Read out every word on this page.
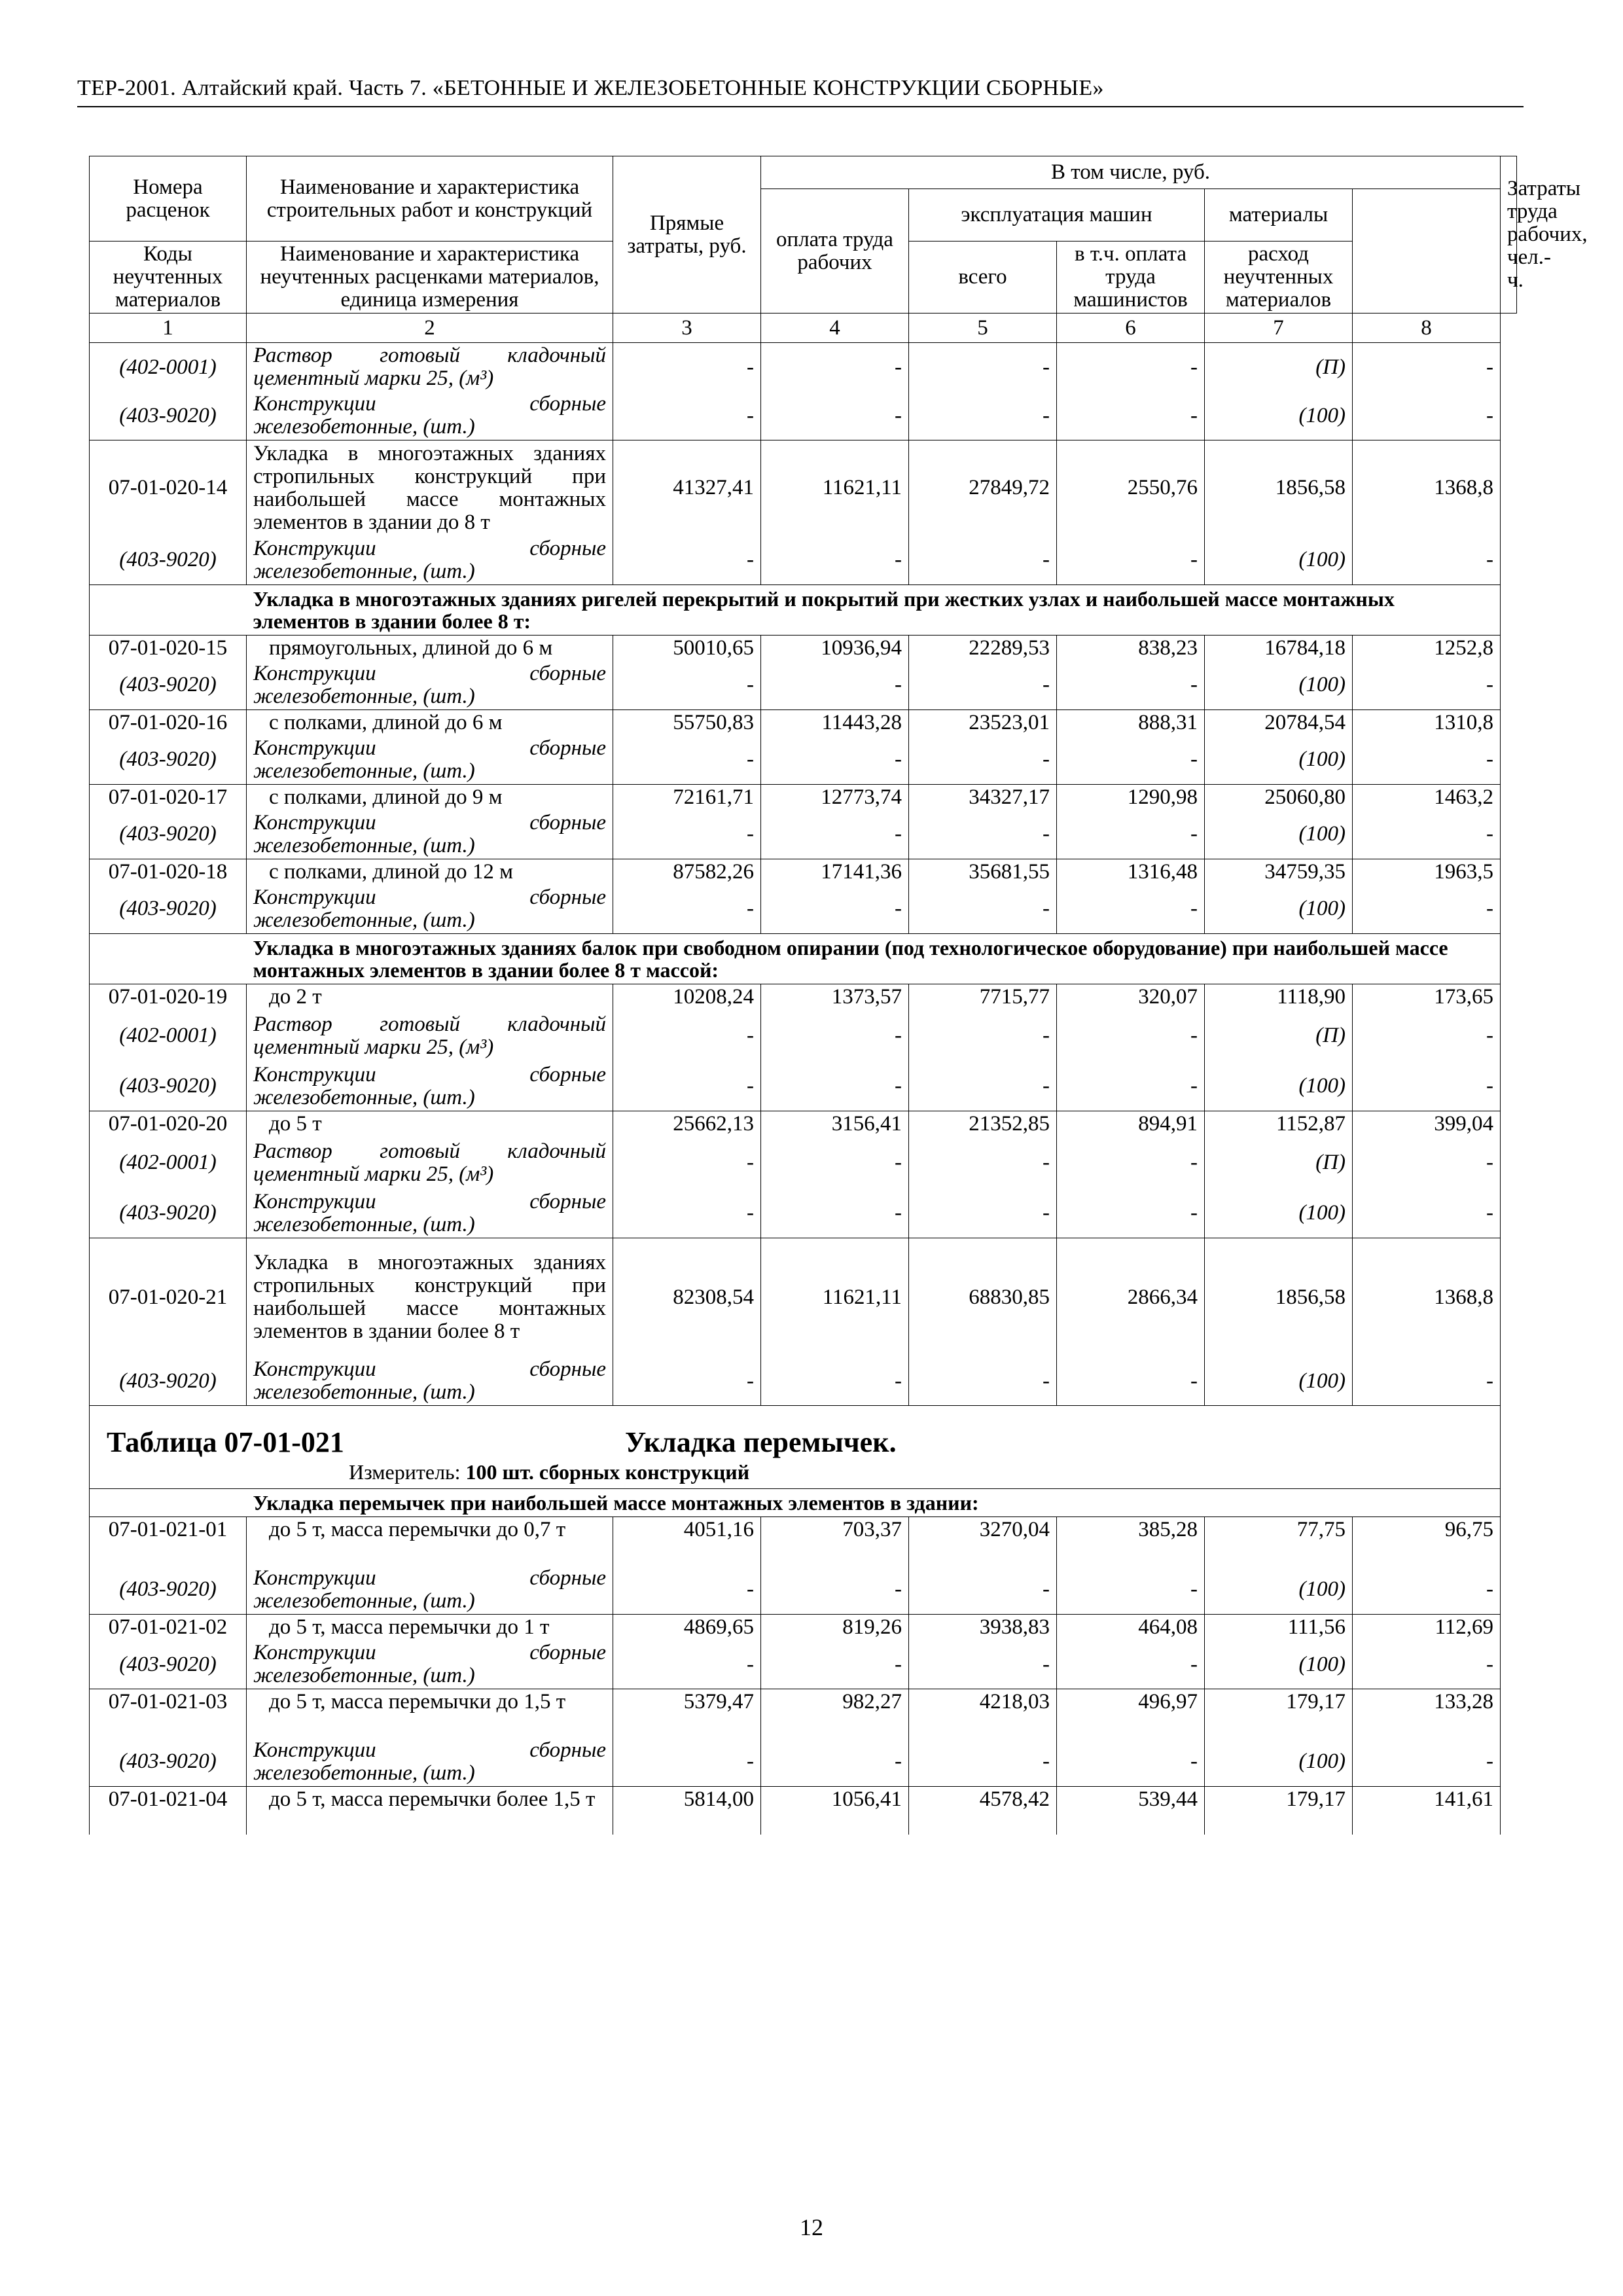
ТЕР-2001. Алтайский край. Часть 7. «БЕТОННЫЕ И ЖЕЛЕЗОБЕТОННЫЕ КОНСТРУКЦИИ СБОРНЫЕ»
Номера расценок	Наименование и характеристика строительных работ и конструкций	Прямые затраты, руб.	В том числе, руб.					Затраты труда рабочих, чел.-ч.
			оплата труда рабочих	эксплуатация машин		материалы		
Коды неучтенных материалов	Наименование и характеристика неучтенных расценками материалов, единица измерения			всего	в т.ч. оплата труда машинистов	расход неучтенных материалов		
1	2	3	4	5	6	7	8	
(402-0001)	Раствор готовый кладочный цементный марки 25, (м³)	-	-	-	-	(П)	-	
(403-9020)	Конструкции сборные железобетонные, (шт.)	-	-	-	-	(100)	-	
07-01-020-14	Укладка в многоэтажных зданиях стропильных конструкций при наибольшей массе монтажных элементов в здании до 8 т	41327,41	11621,11	27849,72	2550,76	1856,58	1368,8	
(403-9020)	Конструкции сборные железобетонные, (шт.)	-	-	-	-	(100)	-	
	Укладка в многоэтажных зданиях ригелей перекрытий и покрытий при жестких узлах и наибольшей массе монтажных элементов в здании более 8 т:							
07-01-020-15	прямоугольных, длиной до 6 м	50010,65	10936,94	22289,53	838,23	16784,18	1252,8	
(403-9020)	Конструкции сборные железобетонные, (шт.)	-	-	-	-	(100)	-	
07-01-020-16	с полками, длиной до 6 м	55750,83	11443,28	23523,01	888,31	20784,54	1310,8	
(403-9020)	Конструкции сборные железобетонные, (шт.)	-	-	-	-	(100)	-	
07-01-020-17	с полками, длиной до 9 м	72161,71	12773,74	34327,17	1290,98	25060,80	1463,2	
(403-9020)	Конструкции сборные железобетонные, (шт.)	-	-	-	-	(100)	-	
07-01-020-18	с полками, длиной до 12 м	87582,26	17141,36	35681,55	1316,48	34759,35	1963,5	
(403-9020)	Конструкции сборные железобетонные, (шт.)	-	-	-	-	(100)	-	
	Укладка в многоэтажных зданиях балок при свободном опирании (под технологическое оборудование) при наибольшей массе монтажных элементов в здании более 8 т массой:							
07-01-020-19	до 2 т	10208,24	1373,57	7715,77	320,07	1118,90	173,65	
(402-0001)	Раствор готовый кладочный цементный марки 25, (м³)	-	-	-	-	(П)	-	
(403-9020)	Конструкции сборные железобетонные, (шт.)	-	-	-	-	(100)	-	
07-01-020-20	до 5 т	25662,13	3156,41	21352,85	894,91	1152,87	399,04	
(402-0001)	Раствор готовый кладочный цементный марки 25, (м³)	-	-	-	-	(П)	-	
(403-9020)	Конструкции сборные железобетонные, (шт.)	-	-	-	-	(100)	-	
07-01-020-21	Укладка в многоэтажных зданиях стропильных конструкций при наибольшей массе монтажных элементов в здании более 8 т	82308,54	11621,11	68830,85	2866,34	1856,58	1368,8	
(403-9020)	Конструкции сборные железобетонные, (шт.)	-	-	-	-	(100)	-	

Таблица 07-01-021 Укладка перемычек.
Измеритель: 100 шт. сборных конструкций								

	Укладка перемычек при наибольшей массе монтажных элементов в здании:							
07-01-021-01	до 5 т, масса перемычки до 0,7 т	4051,16	703,37	3270,04	385,28	77,75	96,75	
(403-9020)	Конструкции сборные железобетонные, (шт.)	-	-	-	-	(100)	-	
07-01-021-02	до 5 т, масса перемычки до 1 т	4869,65	819,26	3938,83	464,08	111,56	112,69	
(403-9020)	Конструкции сборные железобетонные, (шт.)	-	-	-	-	(100)	-	
07-01-021-03	до 5 т, масса перемычки до 1,5 т	5379,47	982,27	4218,03	496,97	179,17	133,28	
(403-9020)	Конструкции сборные железобетонные, (шт.)	-	-	-	-	(100)	-	
07-01-021-04	до 5 т, масса перемычки более 1,5 т	5814,00	1056,41	4578,42	539,44	179,17	141,61	
12
